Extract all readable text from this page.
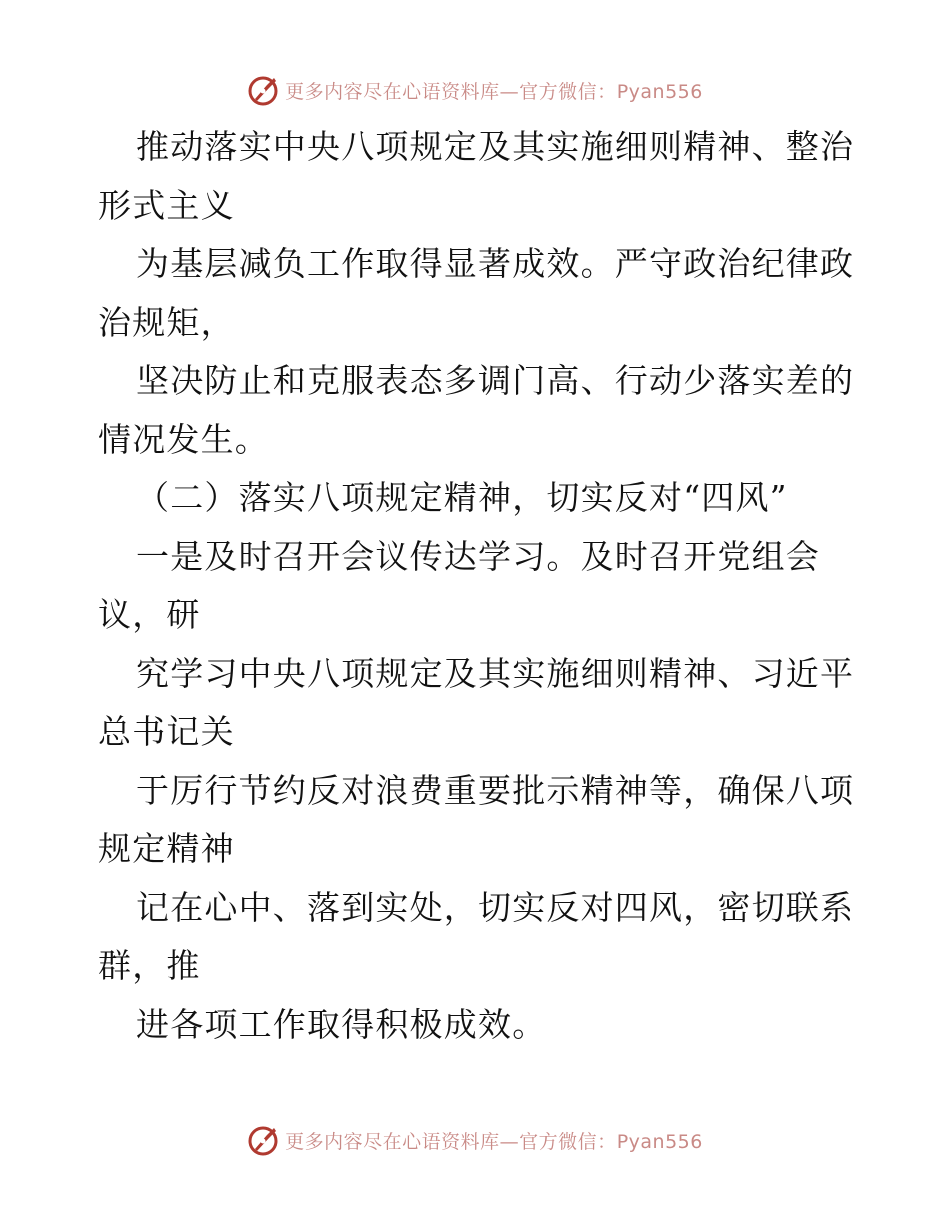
更多内容尽在心语资料库—官方微信：Pyan556
推动落实中央八项规定及其实施细则精神、整治
形式主义
为基层减负工作取得显著成效。严守政治纪律政
治规矩，
坚决防止和克服表态多调门高、行动少落实差的
情况发生。
（二）落实八项规定精神，切实反对“四风”
一是及时召开会议传达学习。及时召开党组会
议，研
究学习中央八项规定及其实施细则精神、习近平
总书记关
于厉行节约反对浪费重要批示精神等，确保八项
规定精神
记在心中、落到实处，切实反对四风，密切联系
群，推
进各项工作取得积极成效。
更多内容尽在心语资料库—官方微信：Pyan556
